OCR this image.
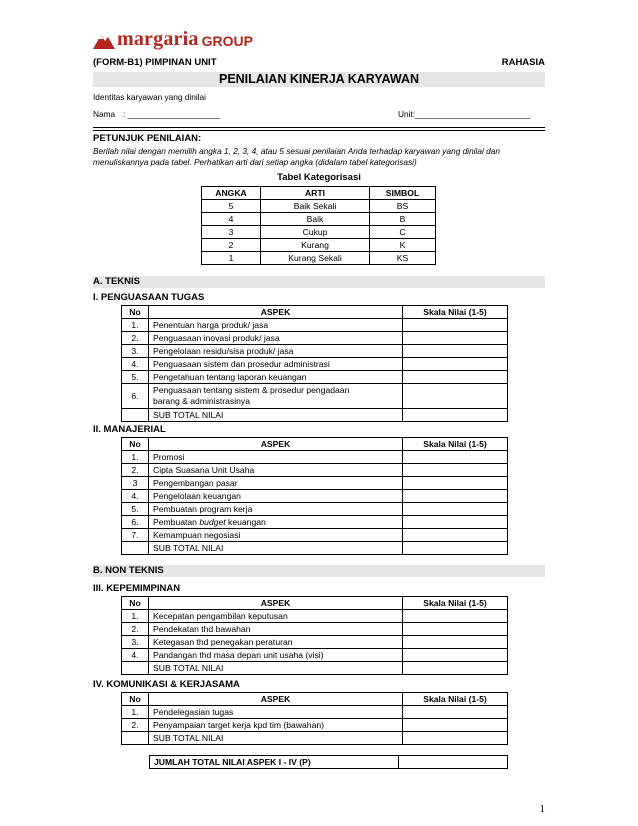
margaria GROUP
(FORM-B1) PIMPINAN UNIT	RAHASIA
PENILAIAN KINERJA KARYAWAN
Identitas karyawan yang dinilai
Nama : ____________________	Unit:_________________________
PETUNJUK PENILAIAN:
Berilah nilai dengan memilih angka 1, 2, 3, 4, atau 5 sesuai penilaian Anda terhadap karyawan yang dinilai dan menuliskannya pada tabel. Perhatikan arti dari setiap angka (didalam tabel kategorisasi)
Tabel Kategorisasi
ANGKA	ARTI	SIMBOL
5	Baik Sekali	BS
4	Baik	B
3	Cukup	C
2	Kurang	K
1	Kurang Sekali	KS
A. TEKNIS
I. PENGUASAAN TUGAS
No	ASPEK	Skala Nilai (1-5)
1.	Penentuan harga produk/ jasa	
2.	Penguasaan inovasi produk/ jasa	
3.	Pengelolaan residu/sisa produk/ jasa	
4.	Penguasaan sistem dan prosedur administrasi	
5.	Pengetahuan tentang laporan keuangan	
6.	Penguasaan tentang sistem & prosedur pengadaan
barang & administrasinya	
	SUB TOTAL NILAI	
II. MANAJERIAL
No	ASPEK	Skala Nilai (1-5)
1.	Promosi	
2.	Cipta Suasana Unit Usaha	
3	Pengembangan pasar	
4.	Pengelolaan keuangan	
5.	Pembuatan program kerja	
6.	Pembuatan budget keuangan	
7.	Kemampuan negosiasi	
	SUB TOTAL NILAI	
B. NON TEKNIS
III. KEPEMIMPINAN
No	ASPEK	Skala Nilai (1-5)
1.	Kecepatan pengambilan keputusan	
2.	Pendekatan thd bawahan	
3.	Ketegasan thd penegakan peraturan	
4.	Pandangan thd masa depan unit usaha (visi)	
	SUB TOTAL NILAI	
IV. KOMUNIKASI & KERJASAMA
No	ASPEK	Skala Nilai (1-5)
1.	Pendelegasian tugas	
2.	Penyampaian target kerja kpd tim (bawahan)	
	SUB TOTAL NILAI	
JUMLAH TOTAL NILAI ASPEK I - IV (P)	
1
